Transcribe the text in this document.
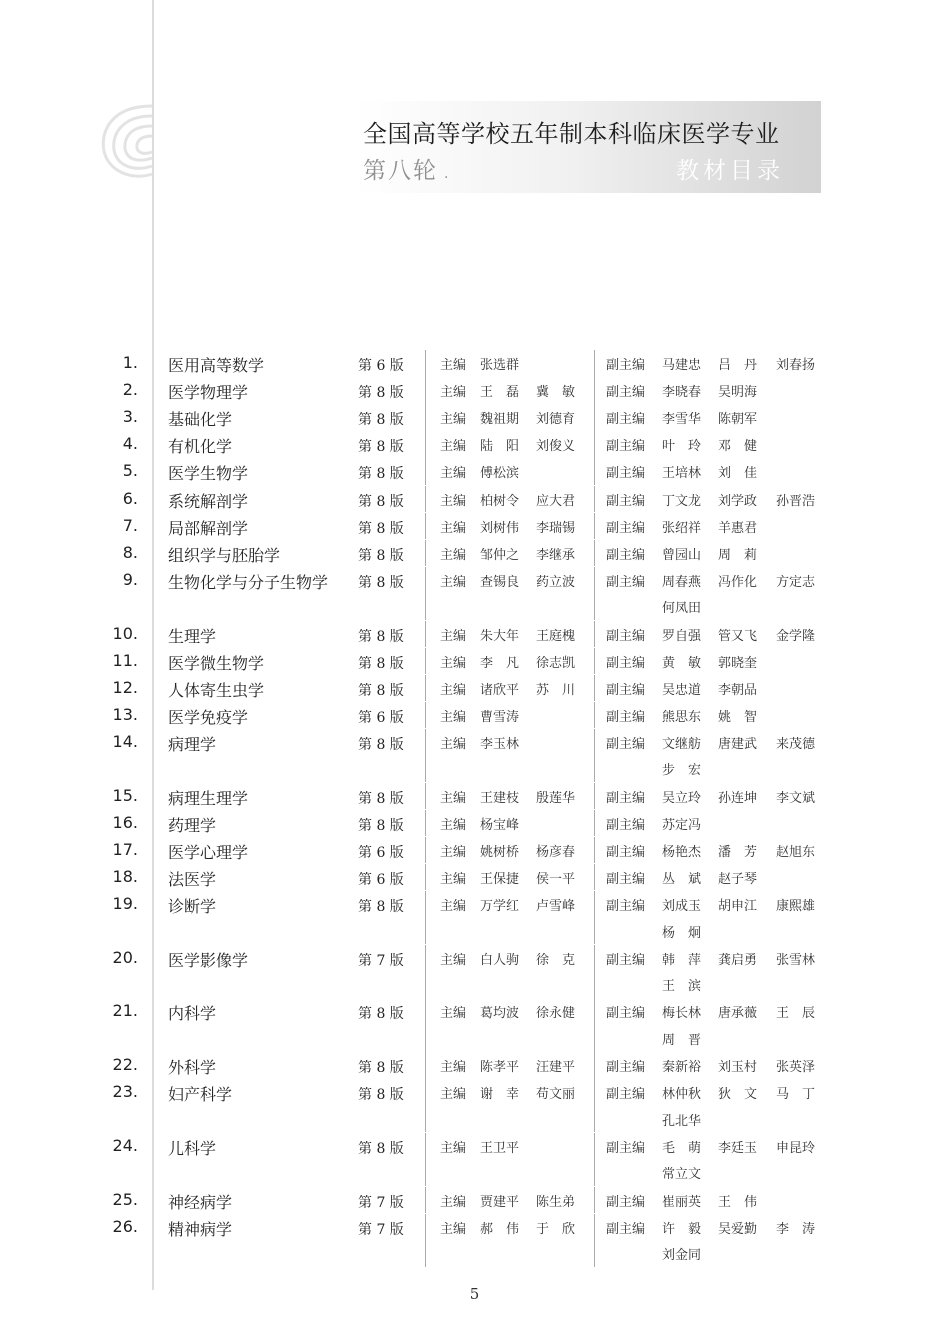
全国高等学校五年制本科临床医学专业
第八轮 .	教材目录
1. 医用高等数学	第 6 版	主编 张选群	副主编 马建忠	吕　丹	刘春扬
2. 医学物理学	第 8 版	主编 王　磊	冀　敏	副主编 李晓春	吴明海
3. 基础化学	第 8 版	主编 魏祖期	刘德育	副主编 李雪华	陈朝军
4. 有机化学	第 8 版	主编 陆　阳	刘俊义	副主编 叶　玲	邓　健
5. 医学生物学	第 8 版	主编 傅松滨	副主编 王培林	刘　佳
6. 系统解剖学	第 8 版	主编 柏树令	应大君	副主编 丁文龙	刘学政	孙晋浩
7. 局部解剖学	第 8 版	主编 刘树伟	李瑞锡	副主编 张绍祥	羊惠君
8. 组织学与胚胎学	第 8 版	主编 邹仲之	李继承	副主编 曾园山	周　莉
9. 生物化学与分子生物学 第 8 版	主编 查锡良	药立波	副主编 周春燕	冯作化	方定志
何凤田
10. 生理学	第 8 版	主编 朱大年	王庭槐	副主编 罗自强	管又飞	金学隆
11. 医学微生物学	第 8 版	主编 李　凡	徐志凯	副主编 黄　敏	郭晓奎
12. 人体寄生虫学	第 8 版	主编 诸欣平	苏　川	副主编 吴忠道	李朝品
13. 医学免疫学	第 6 版	主编 曹雪涛	副主编 熊思东	姚　智
14. 病理学	第 8 版	主编 李玉林	副主编 文继舫	唐建武	来茂德
步　宏
15. 病理生理学	第 8 版	主编 王建枝	殷莲华	副主编 吴立玲	孙连坤	李文斌
16. 药理学	第 8 版	主编 杨宝峰	副主编 苏定冯
17. 医学心理学	第 6 版	主编 姚树桥	杨彦春	副主编 杨艳杰	潘　芳	赵旭东
18. 法医学	第 6 版	主编 王保捷	侯一平	副主编 丛　斌	赵子琴
19. 诊断学	第 8 版	主编 万学红	卢雪峰	副主编 刘成玉	胡申江	康熙雄
杨　炯
20. 医学影像学	第 7 版	主编 白人驹	徐　克	副主编 韩　萍	龚启勇	张雪林
王　滨
21. 内科学	第 8 版	主编 葛均波	徐永健	副主编 梅长林	唐承薇	王　辰
周　晋
22. 外科学	第 8 版	主编 陈孝平	汪建平	副主编 秦新裕	刘玉村	张英泽
23. 妇产科学	第 8 版	主编 谢　幸	苟文丽	副主编 林仲秋	狄　文	马　丁
孔北华
24. 儿科学	第 8 版	主编 王卫平	副主编 毛　萌	李廷玉	申昆玲
常立文
25. 神经病学	第 7 版	主编 贾建平	陈生弟	副主编 崔丽英	王　伟
26. 精神病学	第 7 版	主编 郝　伟	于　欣	副主编 许　毅	吴爱勤	李　涛
刘金同
5
